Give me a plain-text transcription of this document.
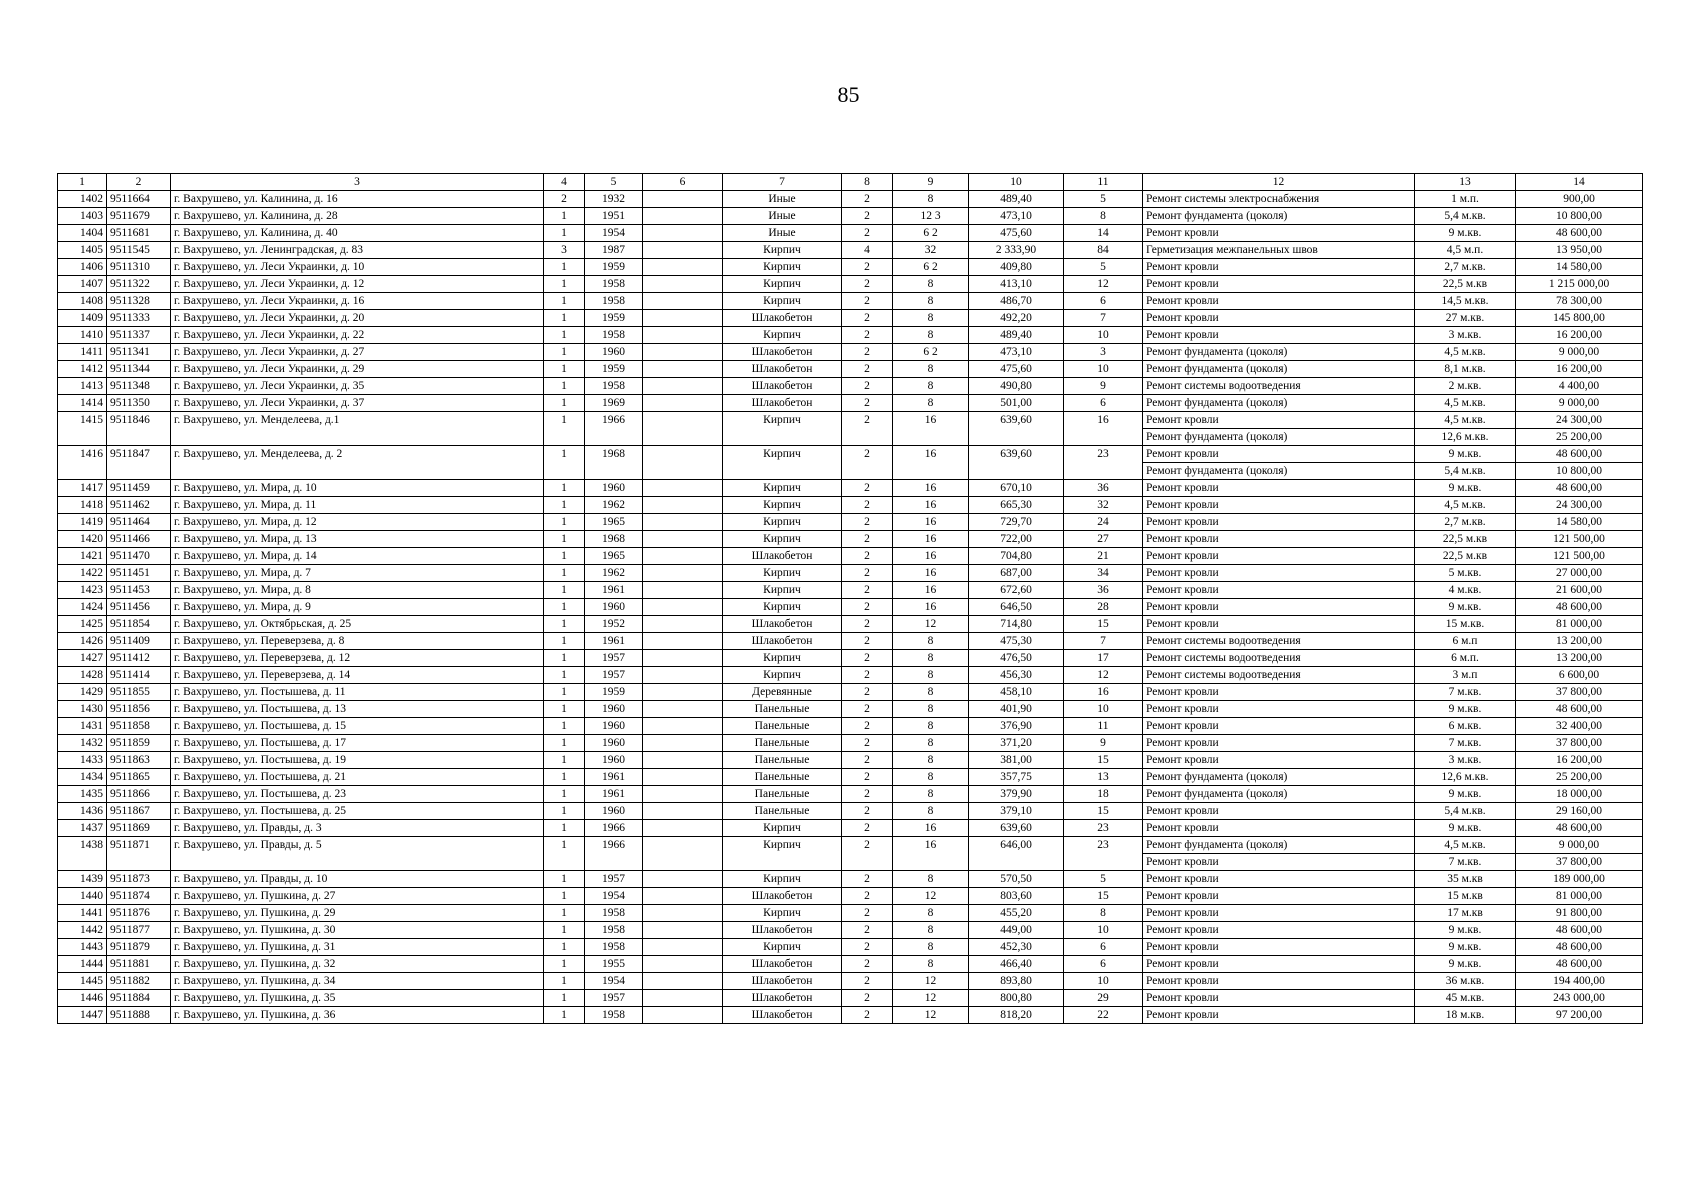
85
1	2	3	4	5	6	7	8	9	10	11	12	13	14
1402	9511664	г. Вахрушево, ул. Калинина, д. 16	2	1932		Иные	2	8	489,40	5	Ремонт системы электроснабжения	1 м.п.	900,00
1403	9511679	г. Вахрушево, ул. Калинина, д. 28	1	1951		Иные	2	12 3	473,10	8	Ремонт фундамента (цоколя)	5,4 м.кв.	10 800,00
1404	9511681	г. Вахрушево, ул. Калинина, д. 40	1	1954		Иные	2	6 2	475,60	14	Ремонт кровли	9 м.кв.	48 600,00
1405	9511545	г. Вахрушево, ул. Ленинградская, д. 83	3	1987		Кирпич	4	32	2 333,90	84	Герметизация межпанельных швов	4,5 м.п.	13 950,00
1406	9511310	г. Вахрушево, ул. Леси Украинки, д. 10	1	1959		Кирпич	2	6 2	409,80	5	Ремонт кровли	2,7 м.кв.	14 580,00
1407	9511322	г. Вахрушево, ул. Леси Украинки, д. 12	1	1958		Кирпич	2	8	413,10	12	Ремонт кровли	22,5 м.кв	1 215 000,00
1408	9511328	г. Вахрушево, ул. Леси Украинки, д. 16	1	1958		Кирпич	2	8	486,70	6	Ремонт кровли	14,5 м.кв.	78 300,00
1409	9511333	г. Вахрушево, ул. Леси Украинки, д. 20	1	1959		Шлакобетон	2	8	492,20	7	Ремонт кровли	27 м.кв.	145 800,00
1410	9511337	г. Вахрушево, ул. Леси Украинки, д. 22	1	1958		Кирпич	2	8	489,40	10	Ремонт кровли	3 м.кв.	16 200,00
1411	9511341	г. Вахрушево, ул. Леси Украинки, д. 27	1	1960		Шлакобетон	2	6 2	473,10	3	Ремонт фундамента (цоколя)	4,5 м.кв.	9 000,00
1412	9511344	г. Вахрушево, ул. Леси Украинки, д. 29	1	1959		Шлакобетон	2	8	475,60	10	Ремонт фундамента (цоколя)	8,1 м.кв.	16 200,00
1413	9511348	г. Вахрушево, ул. Леси Украинки, д. 35	1	1958		Шлакобетон	2	8	490,80	9	Ремонт системы водоотведения	2 м.кв.	4 400,00
1414	9511350	г. Вахрушево, ул. Леси Украинки, д. 37	1	1969		Шлакобетон	2	8	501,00	6	Ремонт фундамента (цоколя)	4,5 м.кв.	9 000,00
1415	9511846	г. Вахрушево, ул. Менделеева, д.1	1	1966		Кирпич	2	16	639,60	16	Ремонт кровли	4,5 м.кв.	24 300,00
											Ремонт фундамента (цоколя)	12,6 м.кв.	25 200,00
1416	9511847	г. Вахрушево, ул. Менделеева, д. 2	1	1968		Кирпич	2	16	639,60	23	Ремонт кровли	9 м.кв.	48 600,00
											Ремонт фундамента (цоколя)	5,4 м.кв.	10 800,00
1417	9511459	г. Вахрушево, ул. Мира, д. 10	1	1960		Кирпич	2	16	670,10	36	Ремонт кровли	9 м.кв.	48 600,00
1418	9511462	г. Вахрушево, ул. Мира, д. 11	1	1962		Кирпич	2	16	665,30	32	Ремонт кровли	4,5 м.кв.	24 300,00
1419	9511464	г. Вахрушево, ул. Мира, д. 12	1	1965		Кирпич	2	16	729,70	24	Ремонт кровли	2,7 м.кв.	14 580,00
1420	9511466	г. Вахрушево, ул. Мира, д. 13	1	1968		Кирпич	2	16	722,00	27	Ремонт кровли	22,5 м.кв	121 500,00
1421	9511470	г. Вахрушево, ул. Мира, д. 14	1	1965		Шлакобетон	2	16	704,80	21	Ремонт кровли	22,5 м.кв	121 500,00
1422	9511451	г. Вахрушево, ул. Мира, д. 7	1	1962		Кирпич	2	16	687,00	34	Ремонт кровли	5 м.кв.	27 000,00
1423	9511453	г. Вахрушево, ул. Мира, д. 8	1	1961		Кирпич	2	16	672,60	36	Ремонт кровли	4 м.кв.	21 600,00
1424	9511456	г. Вахрушево, ул. Мира, д. 9	1	1960		Кирпич	2	16	646,50	28	Ремонт кровли	9 м.кв.	48 600,00
1425	9511854	г. Вахрушево, ул. Октябрьская, д. 25	1	1952		Шлакобетон	2	12	714,80	15	Ремонт кровли	15 м.кв.	81 000,00
1426	9511409	г. Вахрушево, ул. Переверзева, д. 8	1	1961		Шлакобетон	2	8	475,30	7	Ремонт системы водоотведения	6 м.п	13 200,00
1427	9511412	г. Вахрушево, ул. Переверзева, д. 12	1	1957		Кирпич	2	8	476,50	17	Ремонт системы водоотведения	6 м.п.	13 200,00
1428	9511414	г. Вахрушево, ул. Переверзева, д. 14	1	1957		Кирпич	2	8	456,30	12	Ремонт системы водоотведения	3 м.п	6 600,00
1429	9511855	г. Вахрушево, ул. Постышева, д. 11	1	1959		Деревянные	2	8	458,10	16	Ремонт кровли	7 м.кв.	37 800,00
1430	9511856	г. Вахрушево, ул. Постышева, д. 13	1	1960		Панельные	2	8	401,90	10	Ремонт кровли	9 м.кв.	48 600,00
1431	9511858	г. Вахрушево, ул. Постышева, д. 15	1	1960		Панельные	2	8	376,90	11	Ремонт кровли	6 м.кв.	32 400,00
1432	9511859	г. Вахрушево, ул. Постышева, д. 17	1	1960		Панельные	2	8	371,20	9	Ремонт кровли	7 м.кв.	37 800,00
1433	9511863	г. Вахрушево, ул. Постышева, д. 19	1	1960		Панельные	2	8	381,00	15	Ремонт кровли	3 м.кв.	16 200,00
1434	9511865	г. Вахрушево, ул. Постышева, д. 21	1	1961		Панельные	2	8	357,75	13	Ремонт фундамента (цоколя)	12,6 м.кв.	25 200,00
1435	9511866	г. Вахрушево, ул. Постышева, д. 23	1	1961		Панельные	2	8	379,90	18	Ремонт фундамента (цоколя)	9 м.кв.	18 000,00
1436	9511867	г. Вахрушево, ул. Постышева, д. 25	1	1960		Панельные	2	8	379,10	15	Ремонт кровли	5,4 м.кв.	29 160,00
1437	9511869	г. Вахрушево, ул. Правды, д. 3	1	1966		Кирпич	2	16	639,60	23	Ремонт кровли	9 м.кв.	48 600,00
1438	9511871	г. Вахрушево, ул. Правды, д. 5	1	1966		Кирпич	2	16	646,00	23	Ремонт фундамента (цоколя)	4,5 м.кв.	9 000,00
											Ремонт кровли	7 м.кв.	37 800,00
1439	9511873	г. Вахрушево, ул. Правды, д. 10	1	1957		Кирпич	2	8	570,50	5	Ремонт кровли	35 м.кв	189 000,00
1440	9511874	г. Вахрушево, ул. Пушкина, д. 27	1	1954		Шлакобетон	2	12	803,60	15	Ремонт кровли	15 м.кв	81 000,00
1441	9511876	г. Вахрушево, ул. Пушкина, д. 29	1	1958		Кирпич	2	8	455,20	8	Ремонт кровли	17 м.кв	91 800,00
1442	9511877	г. Вахрушево, ул. Пушкина, д. 30	1	1958		Шлакобетон	2	8	449,00	10	Ремонт кровли	9 м.кв.	48 600,00
1443	9511879	г. Вахрушево, ул. Пушкина, д. 31	1	1958		Кирпич	2	8	452,30	6	Ремонт кровли	9 м.кв.	48 600,00
1444	9511881	г. Вахрушево, ул. Пушкина, д. 32	1	1955		Шлакобетон	2	8	466,40	6	Ремонт кровли	9 м.кв.	48 600,00
1445	9511882	г. Вахрушево, ул. Пушкина, д. 34	1	1954		Шлакобетон	2	12	893,80	10	Ремонт кровли	36 м.кв.	194 400,00
1446	9511884	г. Вахрушево, ул. Пушкина, д. 35	1	1957		Шлакобетон	2	12	800,80	29	Ремонт кровли	45 м.кв.	243 000,00
1447	9511888	г. Вахрушево, ул. Пушкина, д. 36	1	1958		Шлакобетон	2	12	818,20	22	Ремонт кровли	18 м.кв.	97 200,00
